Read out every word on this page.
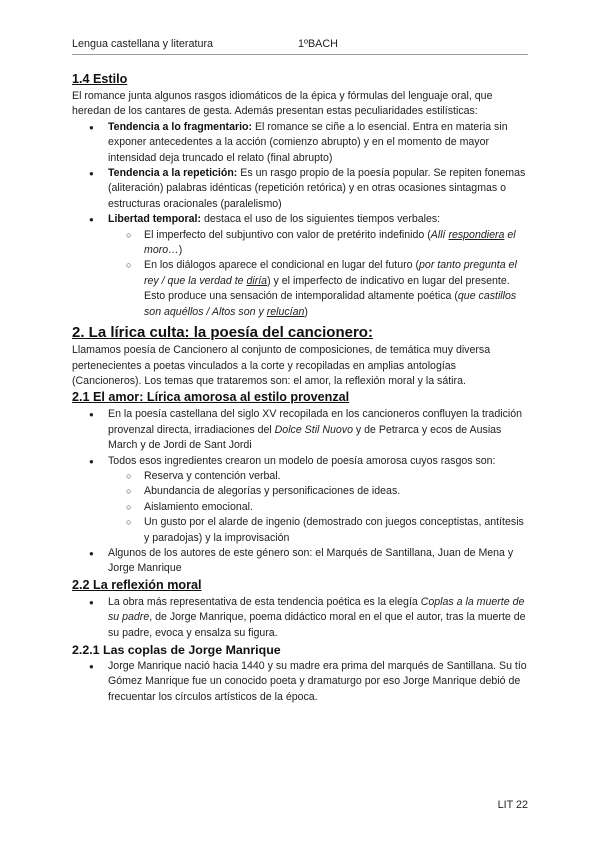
Lengua castellana y literatura	1ºBACH
1.4 Estilo

El romance junta algunos rasgos idiomáticos de la épica y fórmulas del lenguaje oral, que heredan de los cantares de gesta. Además presentan estas peculiaridades estilísticas:

● Tendencia a lo fragmentario: El romance se ciñe a lo esencial. Entra en materia sin exponer antecedentes a la acción (comienzo abrupto) y en el momento de mayor intensidad deja truncado el relato (final abrupto)
● Tendencia a la repetición: Es un rasgo propio de la poesía popular. Se repiten fonemas (aliteración) palabras idénticas (repetición retórica) y en otras ocasiones sintagmas o estructuras oracionales (paralelismo)
● Libertad temporal: destaca el uso de los siguientes tiempos verbales:
○ El imperfecto del subjuntivo con valor de pretérito indefinido (Allí respondiera el moro…)
○ En los diálogos aparece el condicional en lugar del futuro (por tanto pregunta el rey / que la verdad te diría) y el imperfecto de indicativo en lugar del presente. Esto produce una sensación de intemporalidad altamente poética (que castillos son aquéllos / Altos son y relucían)
2. La lírica culta: la poesía del cancionero:

Llamamos poesía de Cancionero al conjunto de composiciones, de temática muy diversa pertenecientes a poetas vinculados a la corte y recopiladas en amplias antologías (Cancioneros). Los temas que trataremos son: el amor, la reflexión moral y la sátira.

2.1 El amor: Lírica amorosa al estilo provenzal
● En la poesía castellana del siglo XV recopilada en los cancioneros confluyen la tradición provenzal directa, irradiaciones del Dolce Stil Nuovo y de Petrarca y ecos de Ausias March y de Jordi de Sant Jordi
● Todos esos ingredientes crearon un modelo de poesía amorosa cuyos rasgos son:
○ Reserva y contención verbal.
○ Abundancia de alegorías y personificaciones de ideas.
○ Aislamiento emocional.
○ Un gusto por el alarde de ingenio (demostrado con juegos conceptistas, antítesis y paradojas) y la improvisación
● Algunos de los autores de este género son: el Marqués de Santillana, Juan de Mena y Jorge Manrique
2.2 La reflexión moral
● La obra más representativa de esta tendencia poética es la elegía Coplas a la muerte de su padre, de Jorge Manrique, poema didáctico moral en el que el autor, tras la muerte de su padre, evoca y ensalza su figura.
2.2.1 Las coplas de Jorge Manrique
● Jorge Manrique nació hacia 1440 y su madre era prima del marqués de Santillana. Su tío Gómez Manrique fue un conocido poeta y dramaturgo por eso Jorge Manrique debió de frecuentar los círculos artísticos de la época.
LIT 22
